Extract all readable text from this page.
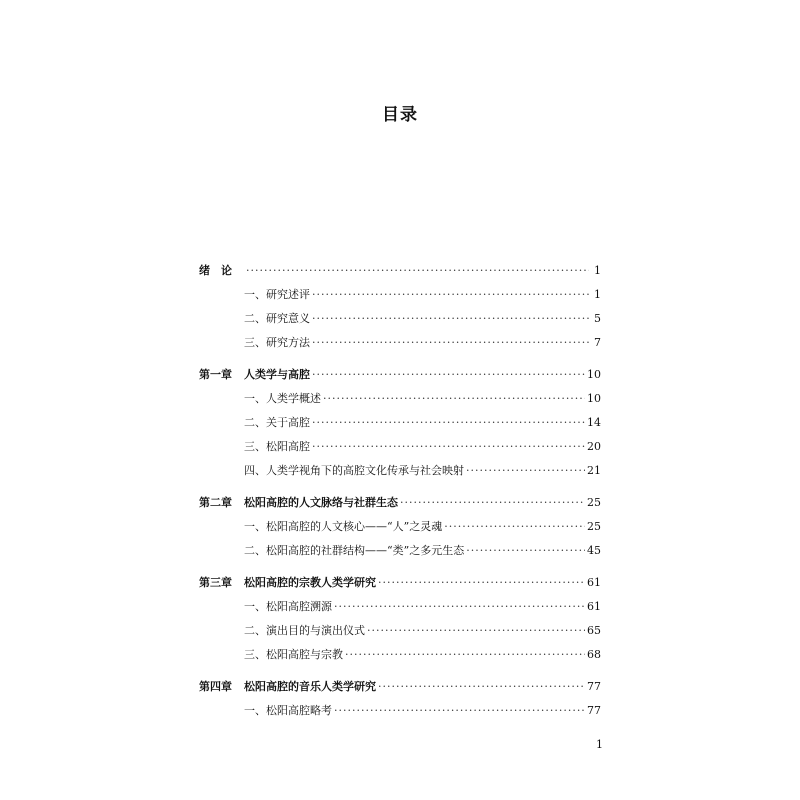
目录
绪　论 ·····	1
一、研究述评 ·····	1
二、研究意义 ·····	5
三、研究方法 ·····	7
第一章 人类学与高腔 ·····	10
一、人类学概述 ·····	10
二、关于高腔 ·····	14
三、松阳高腔 ·····	20
四、人类学视角下的高腔文化传承与社会映射 ·····	21
第二章 松阳高腔的人文脉络与社群生态 ·····	25
一、松阳高腔的人文核心——“人”之灵魂 ·····	25
二、松阳高腔的社群结构——“类”之多元生态 ·····	45
第三章 松阳高腔的宗教人类学研究 ·····	61
一、松阳高腔溯源 ·····	61
二、演出目的与演出仪式 ·····	65
三、松阳高腔与宗教 ·····	68
第四章 松阳高腔的音乐人类学研究 ·····	77
一、松阳高腔略考 ·····	77
1
